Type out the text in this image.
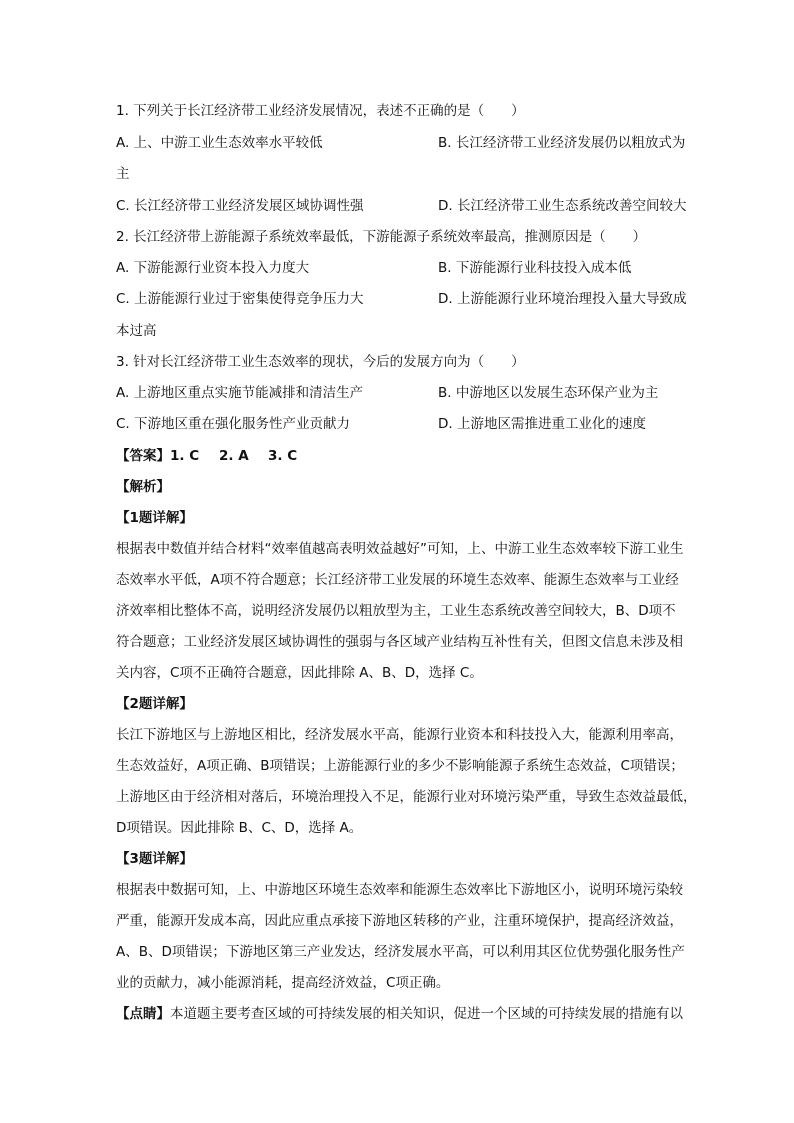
1. 下列关于长江经济带工业经济发展情况，表述不正确的是（　　）
A. 上、中游工业生态效率水平较低	B. 长江经济带工业经济发展仍以粗放式为
主
C. 长江经济带工业经济发展区域协调性强	D. 长江经济带工业生态系统改善空间较大
2. 长江经济带上游能源子系统效率最低，下游能源子系统效率最高，推测原因是（　　）
A. 下游能源行业资本投入力度大	B. 下游能源行业科技投入成本低
C. 上游能源行业过于密集使得竞争压力大	D. 上游能源行业环境治理投入量大导致成
本过高
3. 针对长江经济带工业生态效率的现状，今后的发展方向为（　　）
A. 上游地区重点实施节能减排和清洁生产	B. 中游地区以发展生态环保产业为主
C. 下游地区重在强化服务性产业贡献力	D. 上游地区需推进重工业化的速度
【答案】 1. C 2. A 3. C
【解析】
【1题详解】
根据表中数值并结合材料“效率值越高表明效益越好”可知，上、中游工业生态效率较下游工业生
态效率水平低，A项不符合题意；长江经济带工业发展的环境生态效率、能源生态效率与工业经
济效率相比整体不高，说明经济发展仍以粗放型为主，工业生态系统改善空间较大，B、D项不
符合题意；工业经济发展区域协调性的强弱与各区域产业结构互补性有关，但图文信息未涉及相
关内容，C项不正确符合题意，因此排除 A、B、D，选择 C。
【2题详解】
长江下游地区与上游地区相比，经济发展水平高，能源行业资本和科技投入大，能源利用率高，
生态效益好，A项正确、B项错误；上游能源行业的多少不影响能源子系统生态效益，C项错误；
上游地区由于经济相对落后，环境治理投入不足，能源行业对环境污染严重，导致生态效益最低，
D项错误。因此排除 B、C、D，选择 A。
【3题详解】
根据表中数据可知，上、中游地区环境生态效率和能源生态效率比下游地区小，说明环境污染较
严重，能源开发成本高，因此应重点承接下游地区转移的产业，注重环境保护，提高经济效益，
A、B、D项错误；下游地区第三产业发达，经济发展水平高，可以利用其区位优势强化服务性产
业的贡献力，减小能源消耗，提高经济效益，C项正确。
【点睛】本道题主要考查区域的可持续发展的相关知识，促进一个区域的可持续发展的措施有以
